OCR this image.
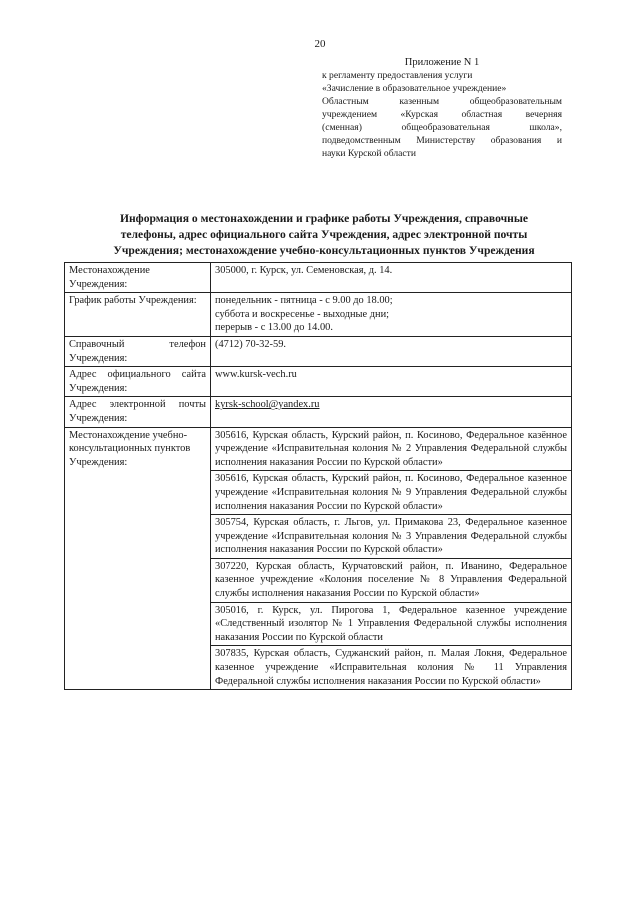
20

Приложение N 1

к регламенту предоставления услуги

«Зачисление в образовательное учреждение»

Областным казенным общеобразовательным

учреждением «Курская областная вечерняя

(сменная) общеобразовательная школа»,

подведомственным Министерству образования и

науки Курской области

Информация о местонахождении и графике работы Учреждения, справочные
телефоны, адрес официального сайта Учреждения, адрес электронной почты
Учреждения; местонахождение учебно-консультационных пунктов Учреждения
Местонахождение Учреждения:	305000, г. Курск, ул. Семеновская, д. 14.
График работы Учреждения:	понедельник - пятница - с 9.00 до 18.00;
суббота и воскресенье - выходные дни;
перерыв - с 13.00 до 14.00.

Справочный телефон Учреждения:	(4712) 70-32-59.
Адрес официального сайта Учреждения:	www.kursk-vech.ru
Адрес электронной почты Учреждения:	kyrsk-school@yandex.ru
Местонахождение учебно-консультационных пунктов Учреждения:	305616, Курская область, Курский район, п. Косиново, Федеральное казённое учреждение «Исправительная колония № 2 Управления Федеральной службы исполнения наказания России по Курской области»
	305616, Курская область, Курский район, п. Косиново, Федеральное казенное учреждение «Исправительная колония № 9 Управления Федеральной службы исполнения наказания России по Курской области»
	305754, Курская область, г. Льгов, ул. Примакова 23, Федеральное казенное учреждение «Исправительная колония № 3 Управления Федеральной службы исполнения наказания России по Курской области»
	307220, Курская область, Курчатовский район, п. Иванино, Федеральное казенное учреждение «Колония поселение № 8 Управления Федеральной службы исполнения наказания России по Курской области»
	305016, г. Курск, ул. Пирогова 1, Федеральное казенное учреждение «Следственный изолятор № 1 Управления Федеральной службы исполнения наказания России по Курской области
	307835, Курская область, Суджанский район, п. Малая Локня, Федеральное казенное учреждение «Исправительная колония № 11 Управления Федеральной службы исполнения наказания России по Курской области»
